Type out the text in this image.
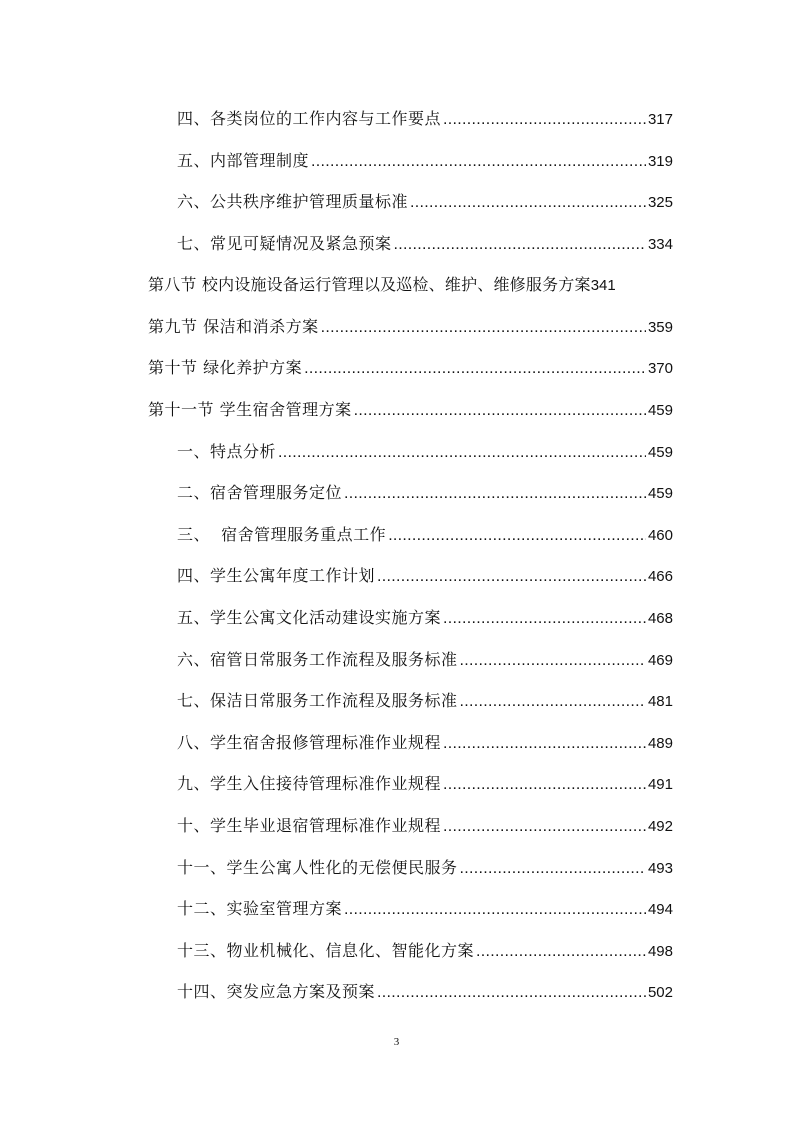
四、各类岗位的工作内容与工作要点 .....	317
五、内部管理制度 .....	319
六、公共秩序维护管理质量标准 .....	325
七、常见可疑情况及紧急预案 .....	334
第八节 校内设施设备运行管理以及巡检、维护、维修服务方案 341
第九节 保洁和消杀方案 .....	359
第十节 绿化养护方案 .....	370
第十一节 学生宿舍管理方案 .....	459
一、特点分析 .....	459
二、宿舍管理服务定位 .....	459
三、  宿舍管理服务重点工作 .....	460
四、学生公寓年度工作计划 .....	466
五、学生公寓文化活动建设实施方案 .....	468
六、宿管日常服务工作流程及服务标准 .....	469
七、保洁日常服务工作流程及服务标准 .....	481
八、学生宿舍报修管理标准作业规程 .....	489
九、学生入住接待管理标准作业规程 .....	491
十、学生毕业退宿管理标准作业规程 .....	492
十一、学生公寓人性化的无偿便民服务 .....	493
十二、实验室管理方案 .....	494
十三、物业机械化、信息化、智能化方案 .....	498
十四、突发应急方案及预案 .....	502
3
